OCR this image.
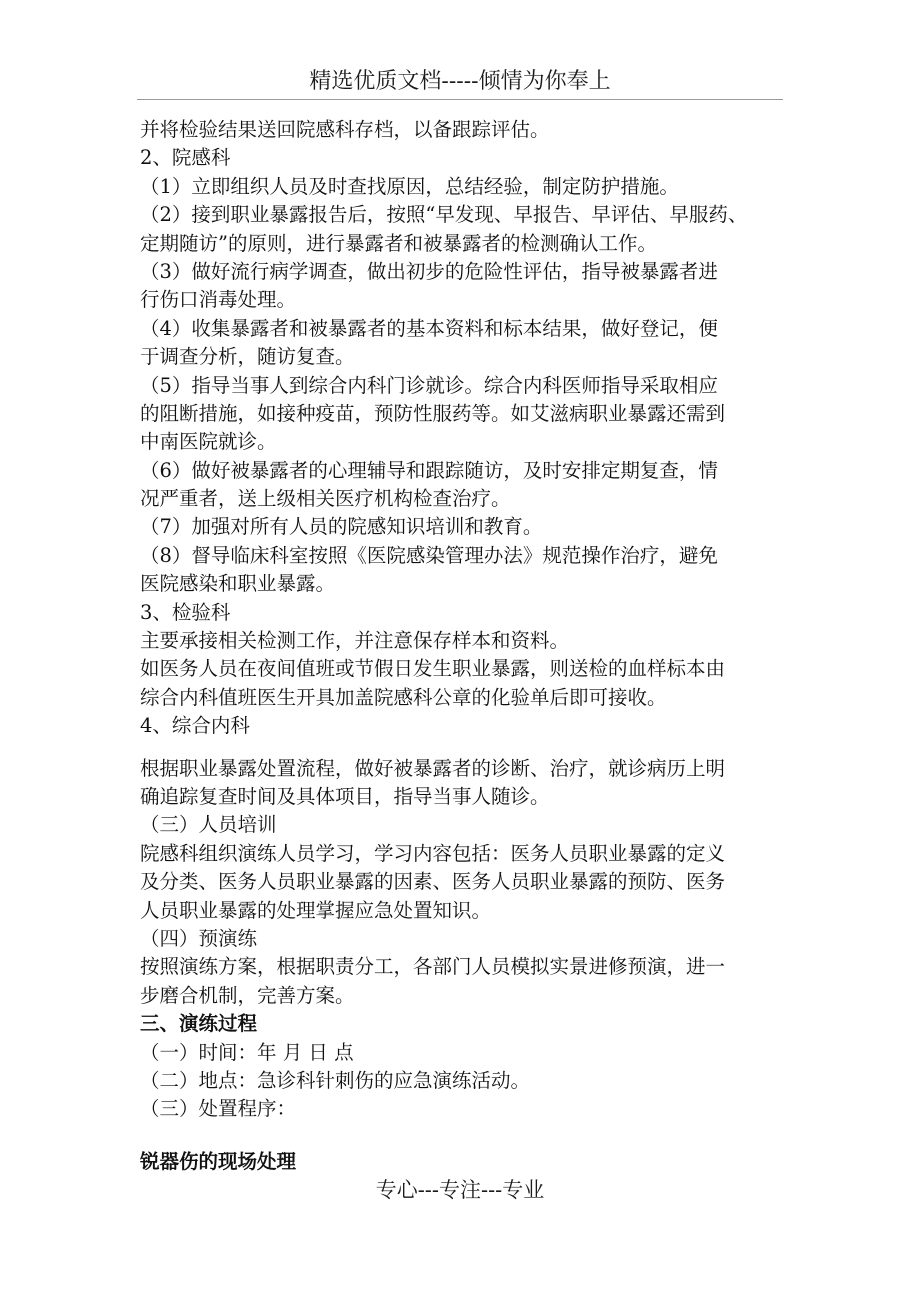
精选优质文档-----倾情为你奉上
并将检验结果送回院感科存档，以备跟踪评估。
2、院感科
（1）立即组织人员及时查找原因，总结经验，制定防护措施。
（2）接到职业暴露报告后，按照“早发现、早报告、早评估、早服药、
定期随访”的原则，进行暴露者和被暴露者的检测确认工作。
（3）做好流行病学调查，做出初步的危险性评估，指导被暴露者进
行伤口消毒处理。
（4）收集暴露者和被暴露者的基本资料和标本结果，做好登记，便
于调查分析，随访复查。
（5）指导当事人到综合内科门诊就诊。综合内科医师指导采取相应
的阻断措施，如接种疫苗，预防性服药等。如艾滋病职业暴露还需到
中南医院就诊。
（6）做好被暴露者的心理辅导和跟踪随访，及时安排定期复查，情
况严重者，送上级相关医疗机构检查治疗。
（7）加强对所有人员的院感知识培训和教育。
（8）督导临床科室按照《医院感染管理办法》规范操作治疗，避免
医院感染和职业暴露。
3、检验科
主要承接相关检测工作，并注意保存样本和资料。
如医务人员在夜间值班或节假日发生职业暴露，则送检的血样标本由
综合内科值班医生开具加盖院感科公章的化验单后即可接收。
4、综合内科
根据职业暴露处置流程，做好被暴露者的诊断、治疗，就诊病历上明
确追踪复查时间及具体项目，指导当事人随诊。
（三）人员培训
院感科组织演练人员学习，学习内容包括：医务人员职业暴露的定义
及分类、医务人员职业暴露的因素、医务人员职业暴露的预防、医务
人员职业暴露的处理掌握应急处置知识。
（四）预演练
按照演练方案，根据职责分工，各部门人员模拟实景进修预演，进一
步磨合机制，完善方案。
三、演练过程
（一）时间：年 月 日 点
（二）地点：急诊科针刺伤的应急演练活动。
（三）处置程序：
锐器伤的现场处理
专心---专注---专业
